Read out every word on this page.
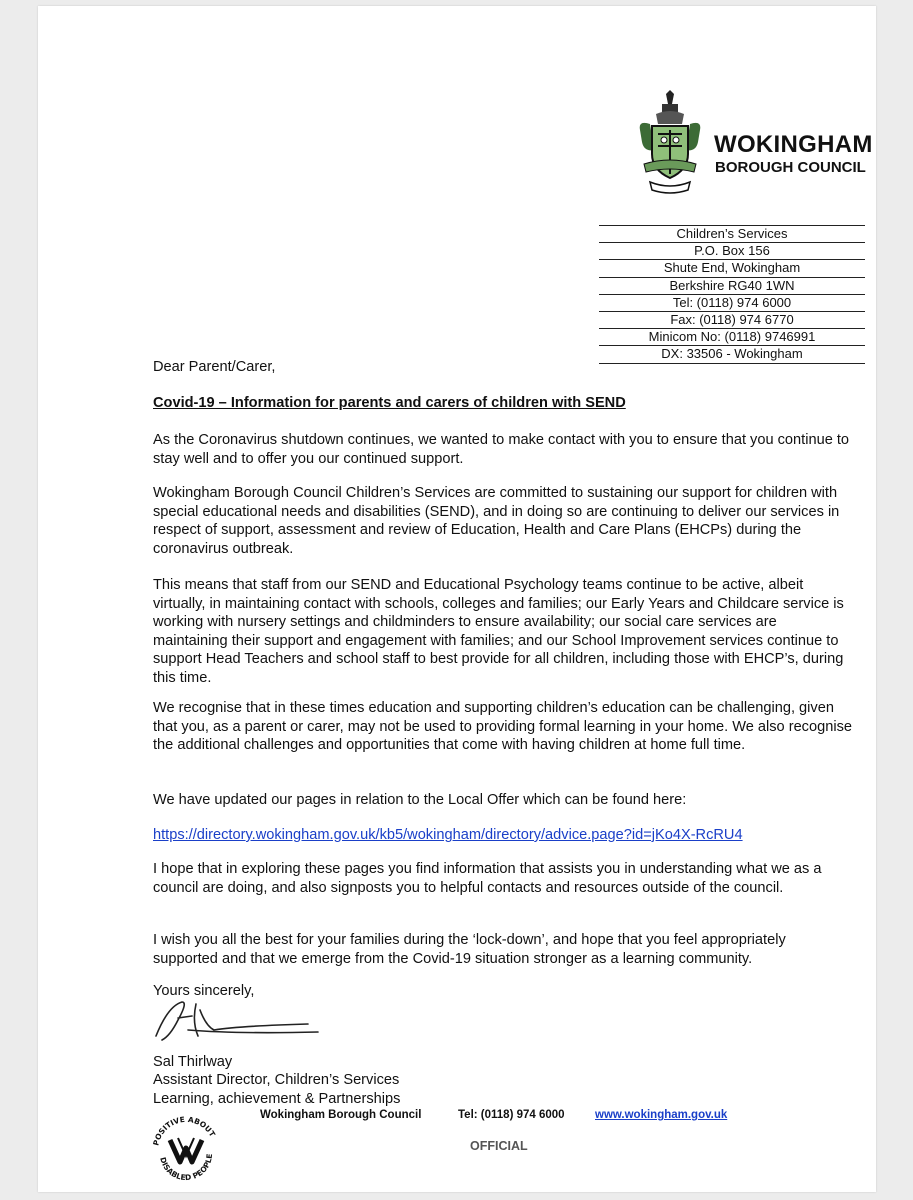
WOKINGHAM
BOROUGH COUNCIL
Children’s Services
P.O. Box 156
Shute End, Wokingham
Berkshire RG40 1WN
Tel: (0118) 974 6000
Fax: (0118) 974 6770
Minicom No: (0118) 9746991
DX: 33506 - Wokingham
Dear Parent/Carer,
Covid-19 – Information for parents and carers of children with SEND
As the Coronavirus shutdown continues, we wanted to make contact with you to ensure that you continue to stay well and to offer you our continued support.
Wokingham Borough Council Children’s Services are committed to sustaining our support for children with special educational needs and disabilities (SEND), and in doing so are continuing to deliver our services in respect of support, assessment and review of Education, Health and Care Plans (EHCPs) during the coronavirus outbreak.
This means that staff from our SEND and Educational Psychology teams continue to be active, albeit virtually, in maintaining contact with schools, colleges and families; our Early Years and Childcare service is working with nursery settings and childminders to ensure availability; our social care services are maintaining their support and engagement with families; and our School Improvement services continue to support Head Teachers and school staff to best provide for all children, including those with EHCP’s, during this time.
We recognise that in these times education and supporting children’s education can be challenging, given that you, as a parent or carer, may not be used to providing formal learning in your home. We also recognise the additional challenges and opportunities that come with having children at home full time.
We have updated our pages in relation to the Local Offer which can be found here:
https://directory.wokingham.gov.uk/kb5/wokingham/directory/advice.page?id=jKo4X-RcRU4
I hope that in exploring these pages you find information that assists you in understanding what we as a council are doing, and also signposts you to helpful contacts and resources outside of the council.
I wish you all the best for your families during the ‘lock-down’, and hope that you feel appropriately supported and that we emerge from the Covid-19 situation stronger as a learning community.
Yours sincerely,
Sal Thirlway
Assistant Director, Children’s Services
Learning, achievement & Partnerships
POSITIVE ABOUT
DISABLED PEOPLE
Wokingham Borough Council	Tel: (0118) 974 6000	www.wokingham.gov.uk
OFFICIAL
